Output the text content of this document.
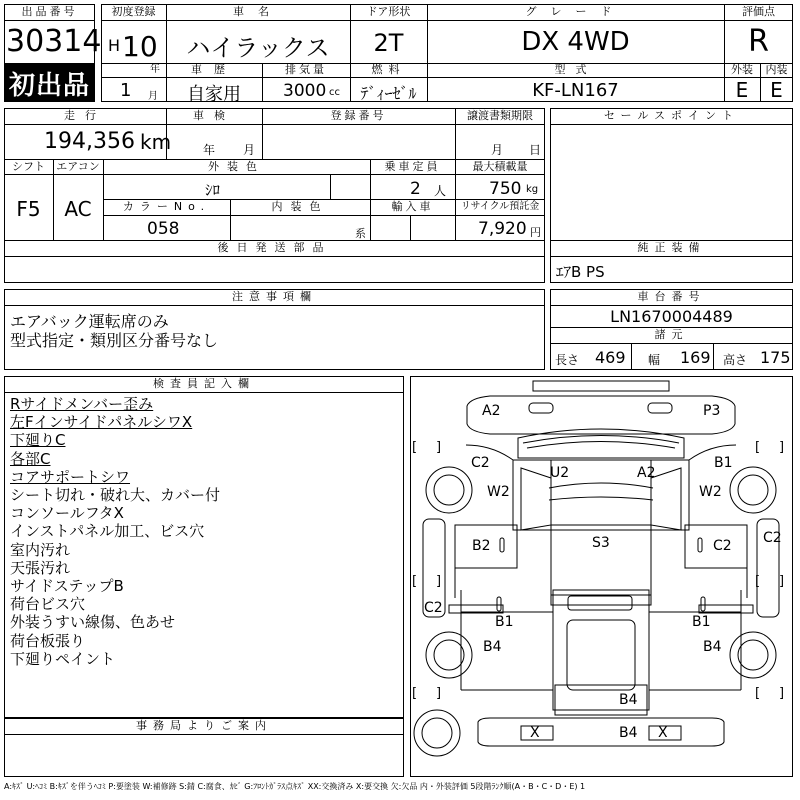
出品番号
30314
初出品
初度登録
H 10
年
1 月
車名
ハイラックス
ドア形状
2T
グレード
DX 4WD
評価点
R
車歴
自家用
排気量
3000 cc
燃料
ﾃﾞｨｰｾﾞﾙ
型式
KF-LN167
外装	内装
E	E
走行
194,356 km
車検
年 月
登録番号	譲渡書類期限
月 日
シフト
F5
エアコン
AC
外装色
ｼﾛ
乗車定員
2 人
最大積載量
750 kg
カラーNo.
058
内装色
系
輸入車	リサイクル預託金
7,920 円
後日発送部品
セールスポイント
純正装備
ｴｱB PS
注意事項欄
エアバック運転席のみ
型式指定・類別区分番号なし
車台番号
LN1670004489
諸元
長さ 469 幅 169 高さ 175
検査員記入欄
Rサイドメンバー歪み
左FインサイドパネルシワX
下廻りC
各部C
コアサポートシワ
シート切れ・破れ大、カバー付
コンソールフタX
インストパネル加工、ビス穴
室内汚れ
天張汚れ
サイドステップB
荷台ビス穴
外装うすい線傷、色あせ
荷台板張り
下廻りペイント
事務局よりご案内
[ ]	[ ]
[ ]	[ ]
[ ]	[ ]
A2	P3
C2	B1
U2	A2
W2	W2
B2	C2 C2
S3
C2
B1	B1
B4	B4
B4
X	B4 X
A:ｷｽﾞ U:ﾍｺﾐ B:ｷｽﾞを伴うﾍｺﾐ P:要塗装 W:補修跡 S:錆 C:腐食、ｶﾋﾞ G:ﾌﾛﾝﾄｶﾞﾗｽ点ｷｽﾞ XX:交換済み X:要交換 欠:欠品 内・外装評価 5段階ﾗﾝｸ順(A・B・C・D・E) 1
